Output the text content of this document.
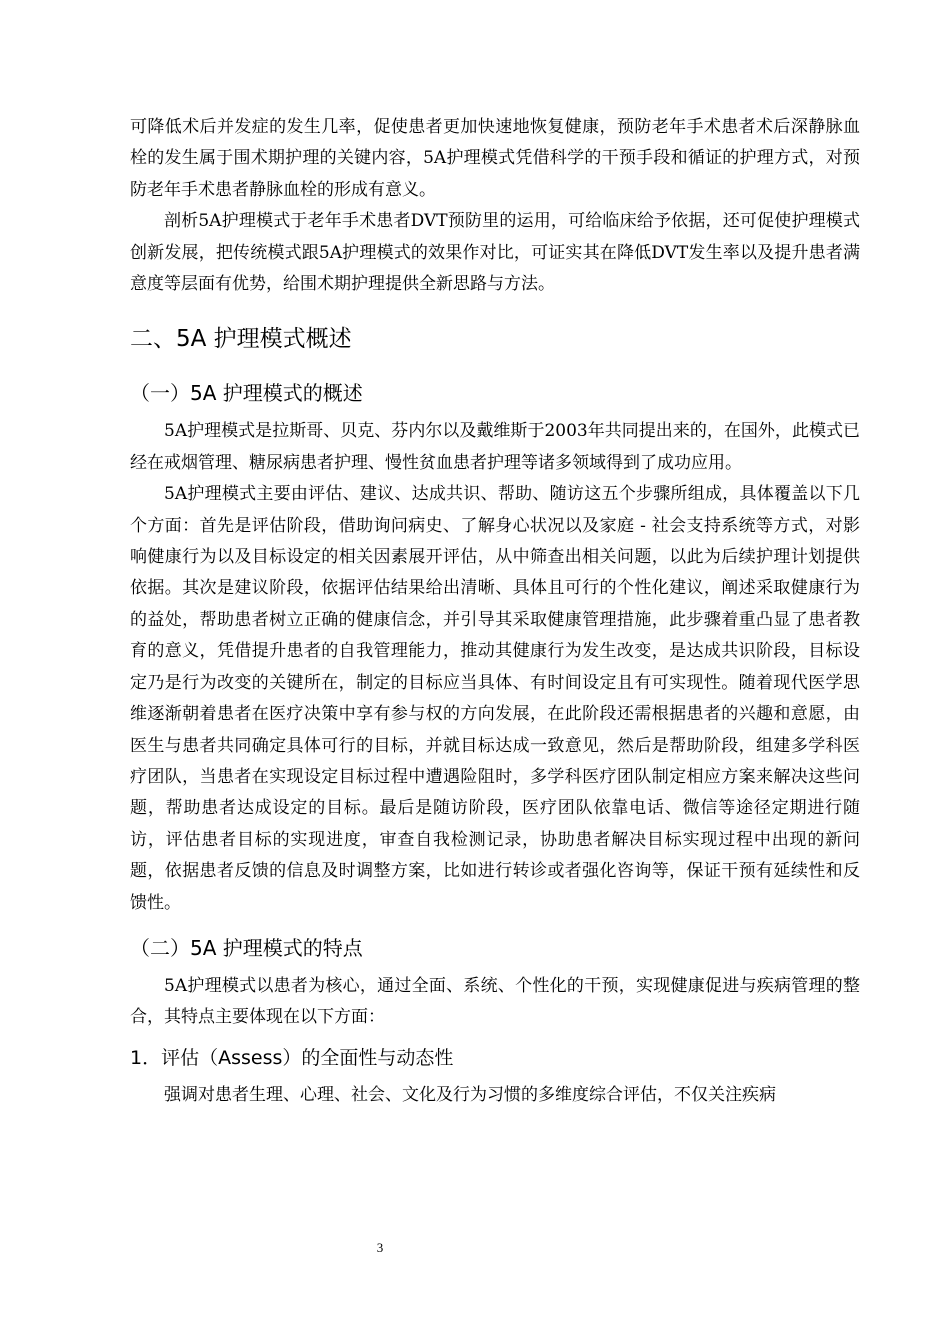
可降低术后并发症的发生几率，促使患者更加快速地恢复健康，预防老年手术患者术后深静脉血栓的发生属于围术期护理的关键内容，5A护理模式凭借科学的干预手段和循证的护理方式，对预防老年手术患者静脉血栓的形成有意义。

剖析5A护理模式于老年手术患者DVT预防里的运用，可给临床给予依据，还可促使护理模式创新发展，把传统模式跟5A护理模式的效果作对比，可证实其在降低DVT发生率以及提升患者满意度等层面有优势，给围术期护理提供全新思路与方法。

二、5A 护理模式概述
（一）5A 护理模式的概述

5A护理模式是拉斯哥、贝克、芬内尔以及戴维斯于2003年共同提出来的，在国外，此模式已经在戒烟管理、糖尿病患者护理、慢性贫血患者护理等诸多领域得到了成功应用。

5A护理模式主要由评估、建议、达成共识、帮助、随访这五个步骤所组成，具体覆盖以下几个方面：首先是评估阶段，借助询问病史、了解身心状况以及家庭 - 社会支持系统等方式，对影响健康行为以及目标设定的相关因素展开评估，从中筛查出相关问题，以此为后续护理计划提供依据。其次是建议阶段，依据评估结果给出清晰、具体且可行的个性化建议，阐述采取健康行为的益处，帮助患者树立正确的健康信念，并引导其采取健康管理措施，此步骤着重凸显了患者教育的意义，凭借提升患者的自我管理能力，推动其健康行为发生改变，是达成共识阶段，目标设定乃是行为改变的关键所在，制定的目标应当具体、有时间设定且有可实现性。随着现代医学思维逐渐朝着患者在医疗决策中享有参与权的方向发展，在此阶段还需根据患者的兴趣和意愿，由医生与患者共同确定具体可行的目标，并就目标达成一致意见，然后是帮助阶段，组建多学科医疗团队，当患者在实现设定目标过程中遭遇险阻时，多学科医疗团队制定相应方案来解决这些问题，帮助患者达成设定的目标。最后是随访阶段，医疗团队依靠电话、微信等途径定期进行随访，评估患者目标的实现进度，审查自我检测记录，协助患者解决目标实现过程中出现的新问题，依据患者反馈的信息及时调整方案，比如进行转诊或者强化咨询等，保证干预有延续性和反馈性。

（二）5A 护理模式的特点

5A护理模式以患者为核心，通过全面、系统、个性化的干预，实现健康促进与疾病管理的整合，其特点主要体现在以下方面：

1．评估（Assess）的全面性与动态性

强调对患者生理、心理、社会、文化及行为习惯的多维度综合评估，不仅关注疾病

3
